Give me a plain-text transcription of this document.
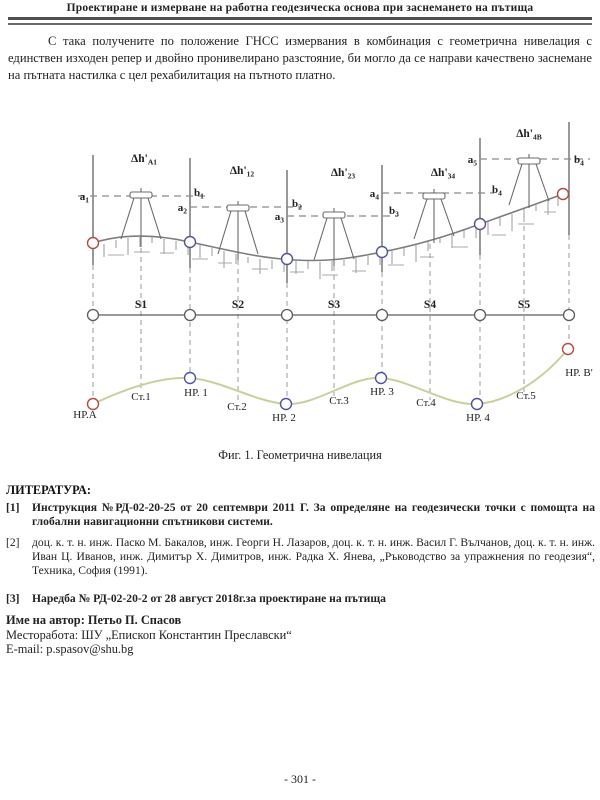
Проектиране и измерване на работна геодезическа основа при заснемането на пътища
С така получените по положение ГНСС измервания в комбинация с геометрична нивелация с единствен изходен репер и двойно пронивелирано разстояние, би могло да се направи качествено заснемане на пътната настилка с цел рехабилитация на пътното платно.
$\Delta h'_{A1}$
$\Delta h'_{12}$	$\Delta h'_{23}$	$\Delta h'_{34}$
$\Delta h'_{4В}$
$a_1$
$b_1$
$a_2$
$b_2$
$a_3$
$b_3$
$a_4$
$b_4$
$a_5$	$b_4$
S1	S2	S3	S4	S5
НР.А
Ст.1	НР. 1
Ст.2
НР. 2
Ст.3
НР. 3
Ст.4
НР. 4
Ст.5
НР. В'
Фиг. 1. Геометрична нивелация
ЛИТЕРАТУРА:
[1]	Инструкция №РД-02-20-25 от 20 септември 2011 Г. За определяне на геодезически точки с помощта на глобални навигационни спътникови системи.
[2]	доц. к. т. н. инж. Паско М. Бакалов, инж. Георги Н. Лазаров, доц. к. т. н. инж. Васил Г. Вълчанов, доц. к. т. н. инж. Иван Ц. Иванов, инж. Димитър Х. Димитров, инж. Радка Х. Янева, „Ръководство за упражнения по геодезия“, Техника, София (1991).
[3]	Наредба № РД-02-20-2 от 28 август 2018г.за проектиране на пътища
Име на автор: Петьо П. Спасов
Месторабота: ШУ „Епископ Константин Преславски“
E-mail: p.spasov@shu.bg
- 301 -
